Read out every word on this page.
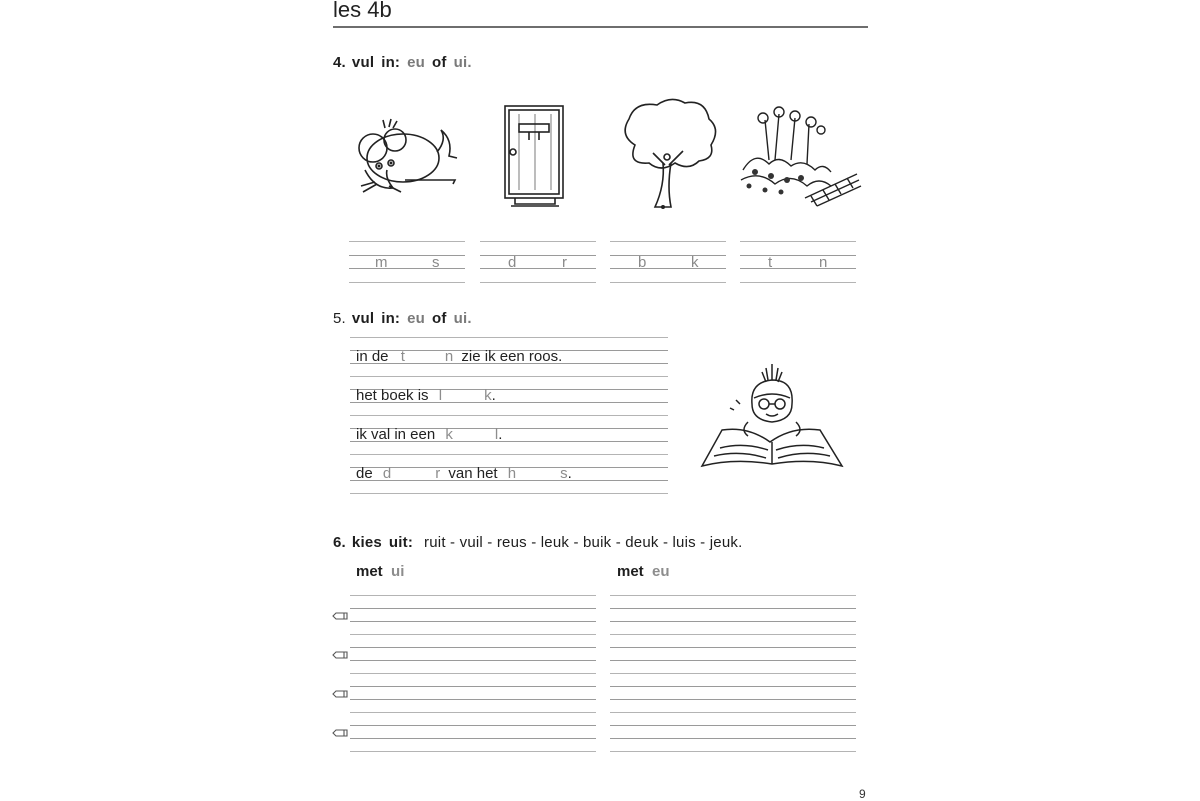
les 4b
4. vul in: eu of ui.
m	s	d	r	b	k	t	n
5. vul in: eu of ui.
in de t	n zie ik een roos.
het boek is l	k.
ik val in een k	l.
de d	r van het h	s.
6. kies uit: ruit - vuil - reus - leuk - buik - deuk - luis - jeuk.
met ui	met eu
9
